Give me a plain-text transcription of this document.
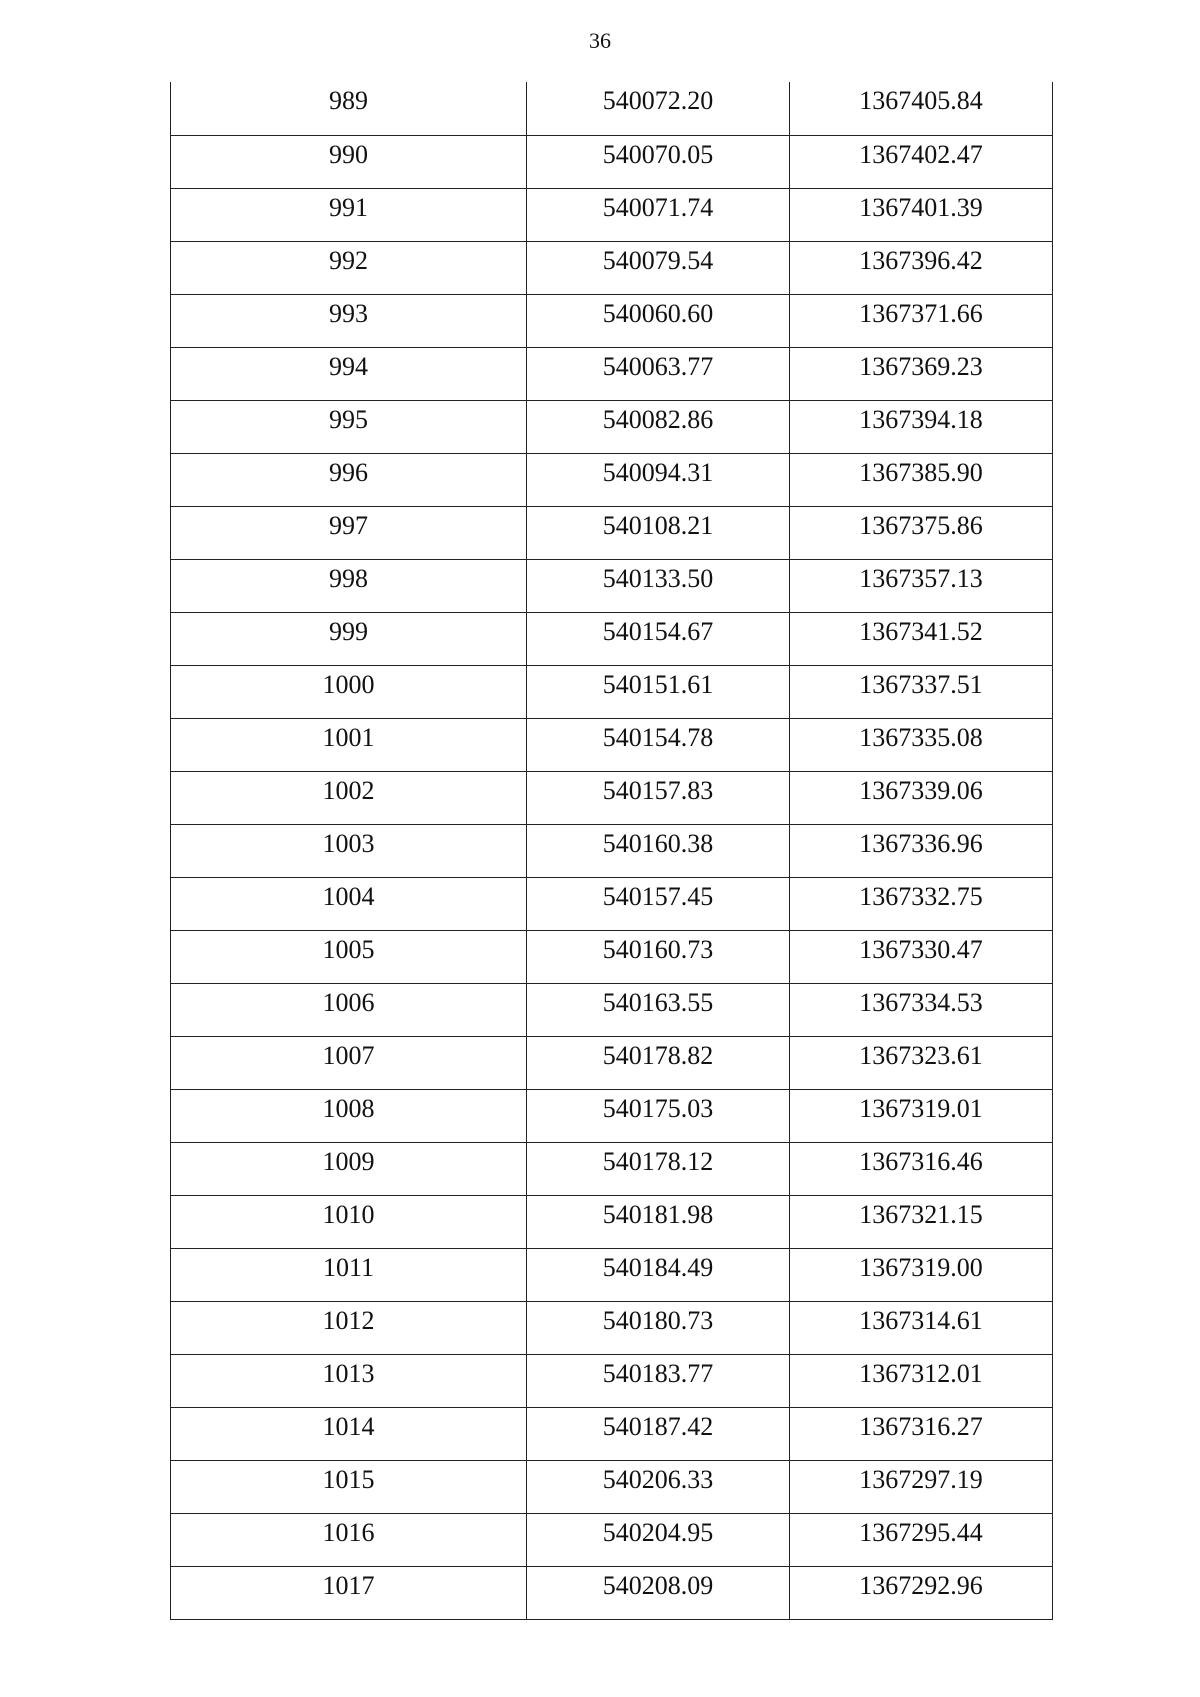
36
989	540072.20	1367405.84
990	540070.05	1367402.47
991	540071.74	1367401.39
992	540079.54	1367396.42
993	540060.60	1367371.66
994	540063.77	1367369.23
995	540082.86	1367394.18
996	540094.31	1367385.90
997	540108.21	1367375.86
998	540133.50	1367357.13
999	540154.67	1367341.52
1000	540151.61	1367337.51
1001	540154.78	1367335.08
1002	540157.83	1367339.06
1003	540160.38	1367336.96
1004	540157.45	1367332.75
1005	540160.73	1367330.47
1006	540163.55	1367334.53
1007	540178.82	1367323.61
1008	540175.03	1367319.01
1009	540178.12	1367316.46
1010	540181.98	1367321.15
1011	540184.49	1367319.00
1012	540180.73	1367314.61
1013	540183.77	1367312.01
1014	540187.42	1367316.27
1015	540206.33	1367297.19
1016	540204.95	1367295.44
1017	540208.09	1367292.96
